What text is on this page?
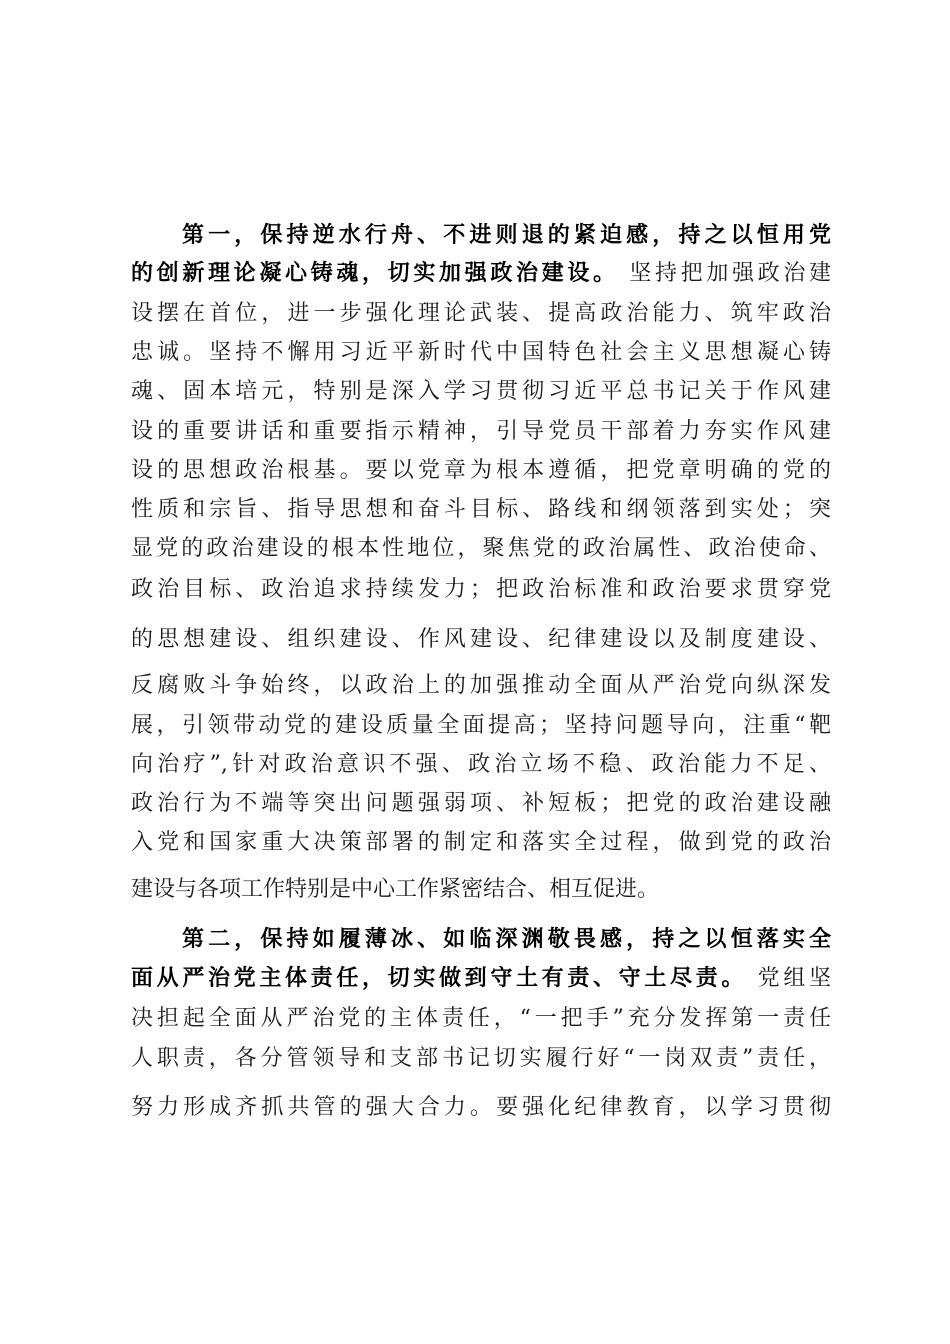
第一，保持逆水行舟、不进则退的紧迫感，持之以恒用党
的创新理论凝心铸魂，切实加强政治建设。 坚持把加强政治建
设摆在首位，进一步强化理论武装、提高政治能力、筑牢政治
忠诚。坚持不懈用习近平新时代中国特色社会主义思想凝心铸
魂、固本培元，特别是深入学习贯彻习近平总书记关于作风建
设的重要讲话和重要指示精神，引导党员干部着力夯实作风建
设的思想政治根基。要以党章为根本遵循，把党章明确的党的
性质和宗旨、指导思想和奋斗目标、路线和纲领落到实处；突
显党的政治建设的根本性地位，聚焦党的政治属性、政治使命、
政治目标、政治追求持续发力；把政治标准和政治要求贯穿党
的思想建设、组织建设、作风建设、纪律建设以及制度建设、
反腐败斗争始终，以政治上的加强推动全面从严治党向纵深发
展，引领带动党的建设质量全面提高；坚持问题导向，注重“靶
向治疗”,针对政治意识不强、政治立场不稳、政治能力不足、
政治行为不端等突出问题强弱项、补短板；把党的政治建设融
入党和国家重大决策部署的制定和落实全过程，做到党的政治
建设与各项工作特别是中心工作紧密结合、相互促进。
第二，保持如履薄冰、如临深渊敬畏感，持之以恒落实全
面从严治党主体责任，切实做到守土有责、守土尽责。 党组坚
决担起全面从严治党的主体责任，“一把手”充分发挥第一责任
人职责，各分管领导和支部书记切实履行好“一岗双责”责任，
努力形成齐抓共管的强大合力。要强化纪律教育，以学习贯彻
